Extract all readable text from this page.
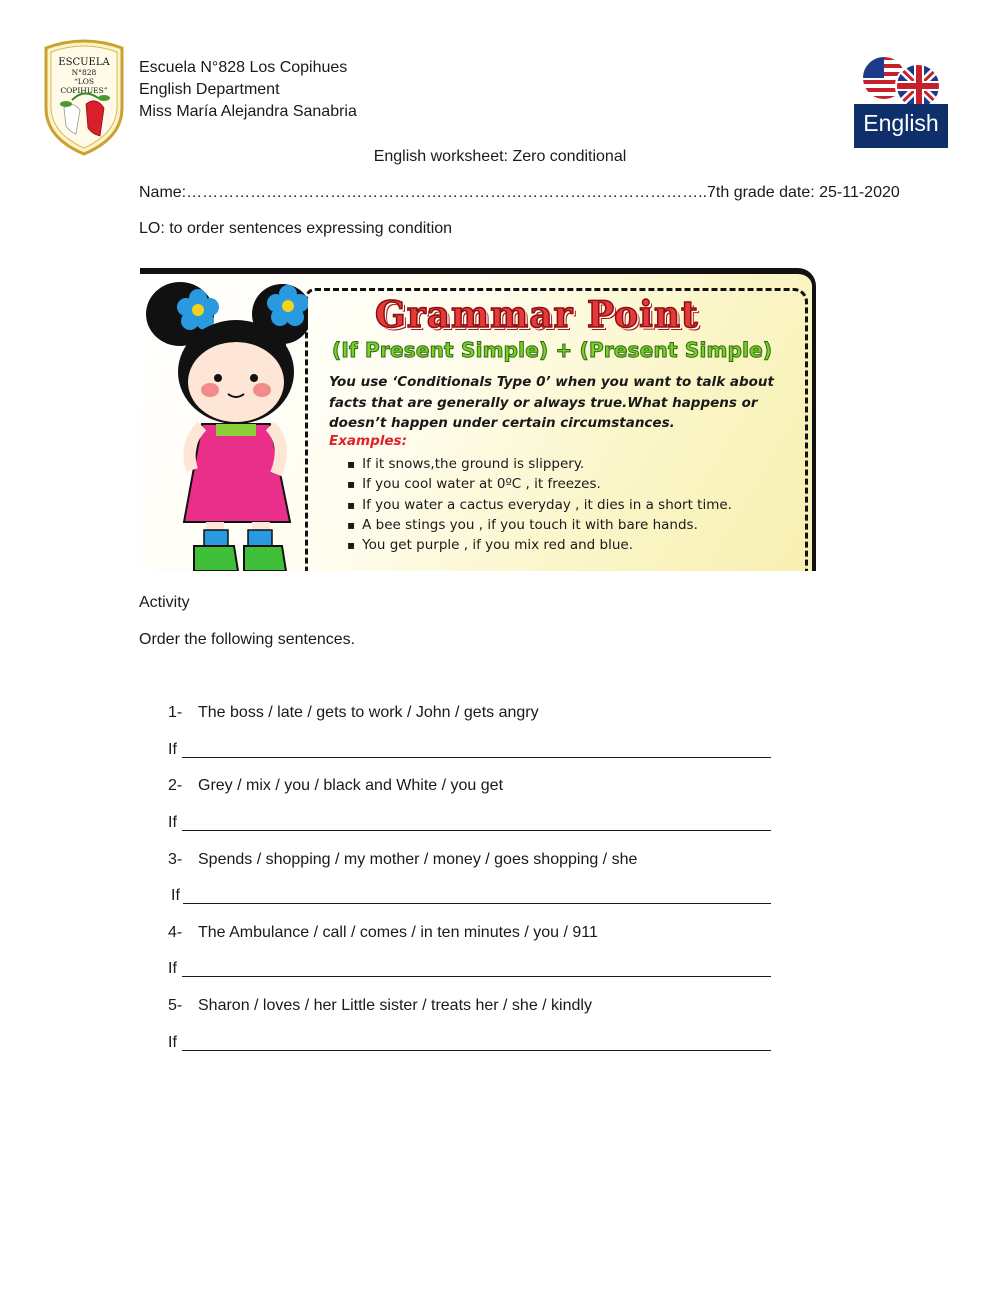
ESCUELA
N°828
“LOS
COPIHUES”
Escuela N°828 Los Copihues
English Department
Miss María Alejandra Sanabria	English
English worksheet: Zero conditional
Name:……………………………………………………………………………………..7th grade date: 25-11-2020
LO: to order sentences expressing condition
Grammar Point
(If Present Simple) + (Present Simple)
You use ‘Conditionals Type 0’ when you want to talk about facts that are generally or always true.What happens or doesn’t happen under certain circumstances.
Examples:
▪ If it snows,the ground is slippery.
▪ If you cool water at 0ºC , it freezes.
▪ If you water a cactus everyday , it dies in a short time.
▪ A bee stings you , if you touch it with bare hands.
▪ You get purple , if you mix red and blue.
Activity
Order the following sentences.
1- The boss / late / gets to work / John / gets angry
If
2- Grey / mix / you / black and White / you get
If
3- Spends / shopping / my mother / money / goes shopping / she
If
4- The Ambulance / call / comes / in ten minutes / you / 911
If
5- Sharon / loves / her Little sister / treats her / she / kindly
If
